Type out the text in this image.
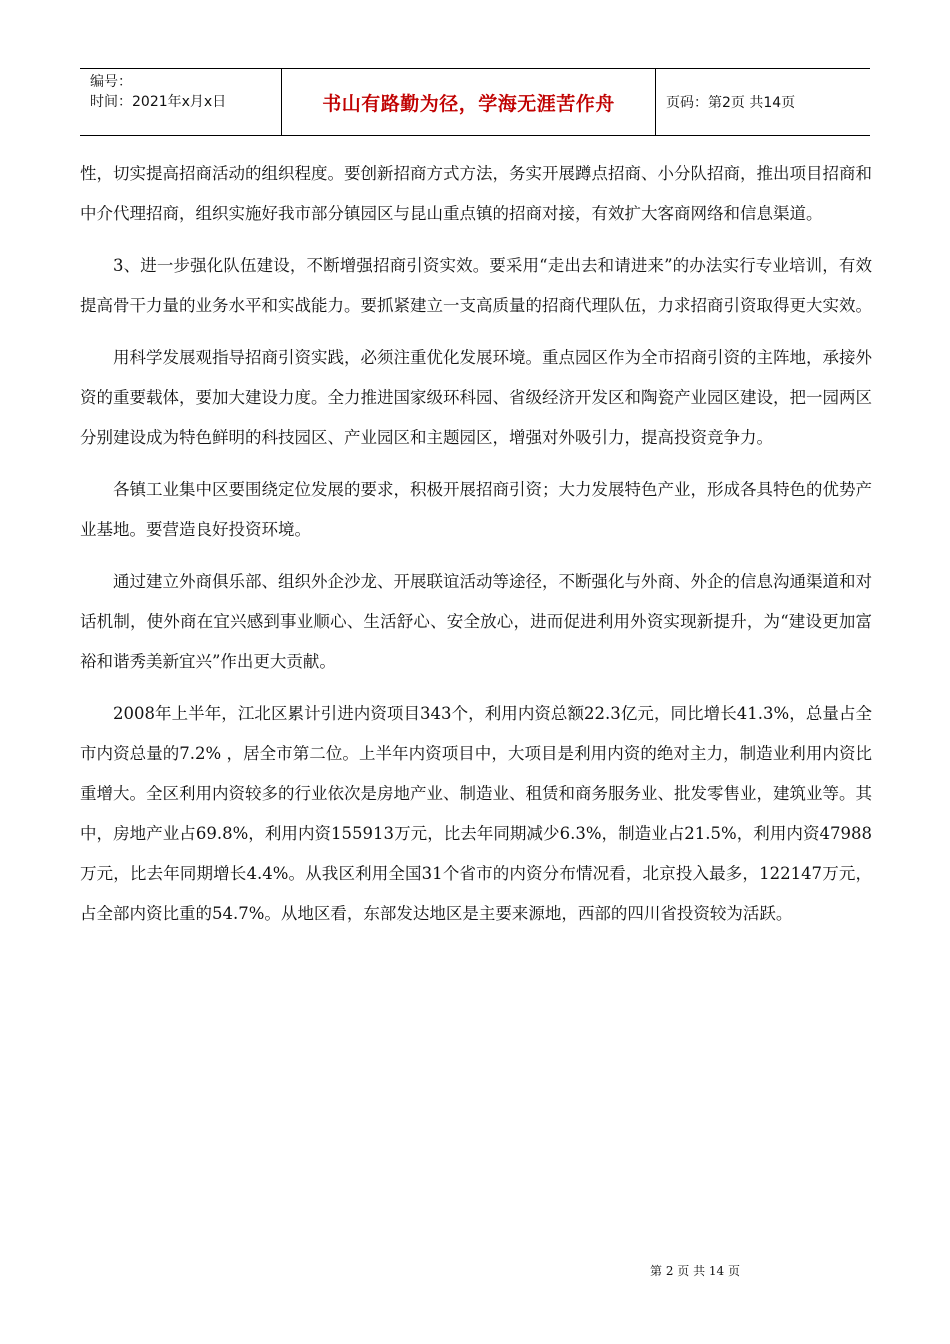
编号：
时间：2021年x月x日	书山有路勤为径，学海无涯苦作舟	页码：第2页 共14页

性，切实提高招商活动的组织程度。要创新招商方式方法，务实开展蹲点招商、小分队招商，推出项目招商和中介代理招商，组织实施好我市部分镇园区与昆山重点镇的招商对接，有效扩大客商网络和信息渠道。

3、进一步强化队伍建设，不断增强招商引资实效。要采用“走出去和请进来”的办法实行专业培训，有效提高骨干力量的业务水平和实战能力。要抓紧建立一支高质量的招商代理队伍，力求招商引资取得更大实效。

用科学发展观指导招商引资实践，必须注重优化发展环境。重点园区作为全市招商引资的主阵地，承接外资的重要载体，要加大建设力度。全力推进国家级环科园、省级经济开发区和陶瓷产业园区建设，把一园两区分别建设成为特色鲜明的科技园区、产业园区和主题园区，增强对外吸引力，提高投资竞争力。

各镇工业集中区要围绕定位发展的要求，积极开展招商引资；大力发展特色产业，形成各具特色的优势产业基地。要营造良好投资环境。

通过建立外商俱乐部、组织外企沙龙、开展联谊活动等途径，不断强化与外商、外企的信息沟通渠道和对话机制，使外商在宜兴感到事业顺心、生活舒心、安全放心，进而促进利用外资实现新提升，为“建设更加富裕和谐秀美新宜兴”作出更大贡献。

2008年上半年，江北区累计引进内资项目343个，利用内资总额22.3亿元，同比增长41.3%，总量占全市内资总量的7.2% ，居全市第二位。上半年内资项目中，大项目是利用内资的绝对主力，制造业利用内资比重增大。全区利用内资较多的行业依次是房地产业、制造业、租赁和商务服务业、批发零售业，建筑业等。其中，房地产业占69.8%，利用内资155913万元，比去年同期减少6.3%，制造业占21.5%，利用内资47988万元，比去年同期增长4.4%。从我区利用全国31个省市的内资分布情况看，北京投入最多，122147万元，占全部内资比重的54.7%。从地区看，东部发达地区是主要来源地，西部的四川省投资较为活跃。

第 2 页 共 14 页
